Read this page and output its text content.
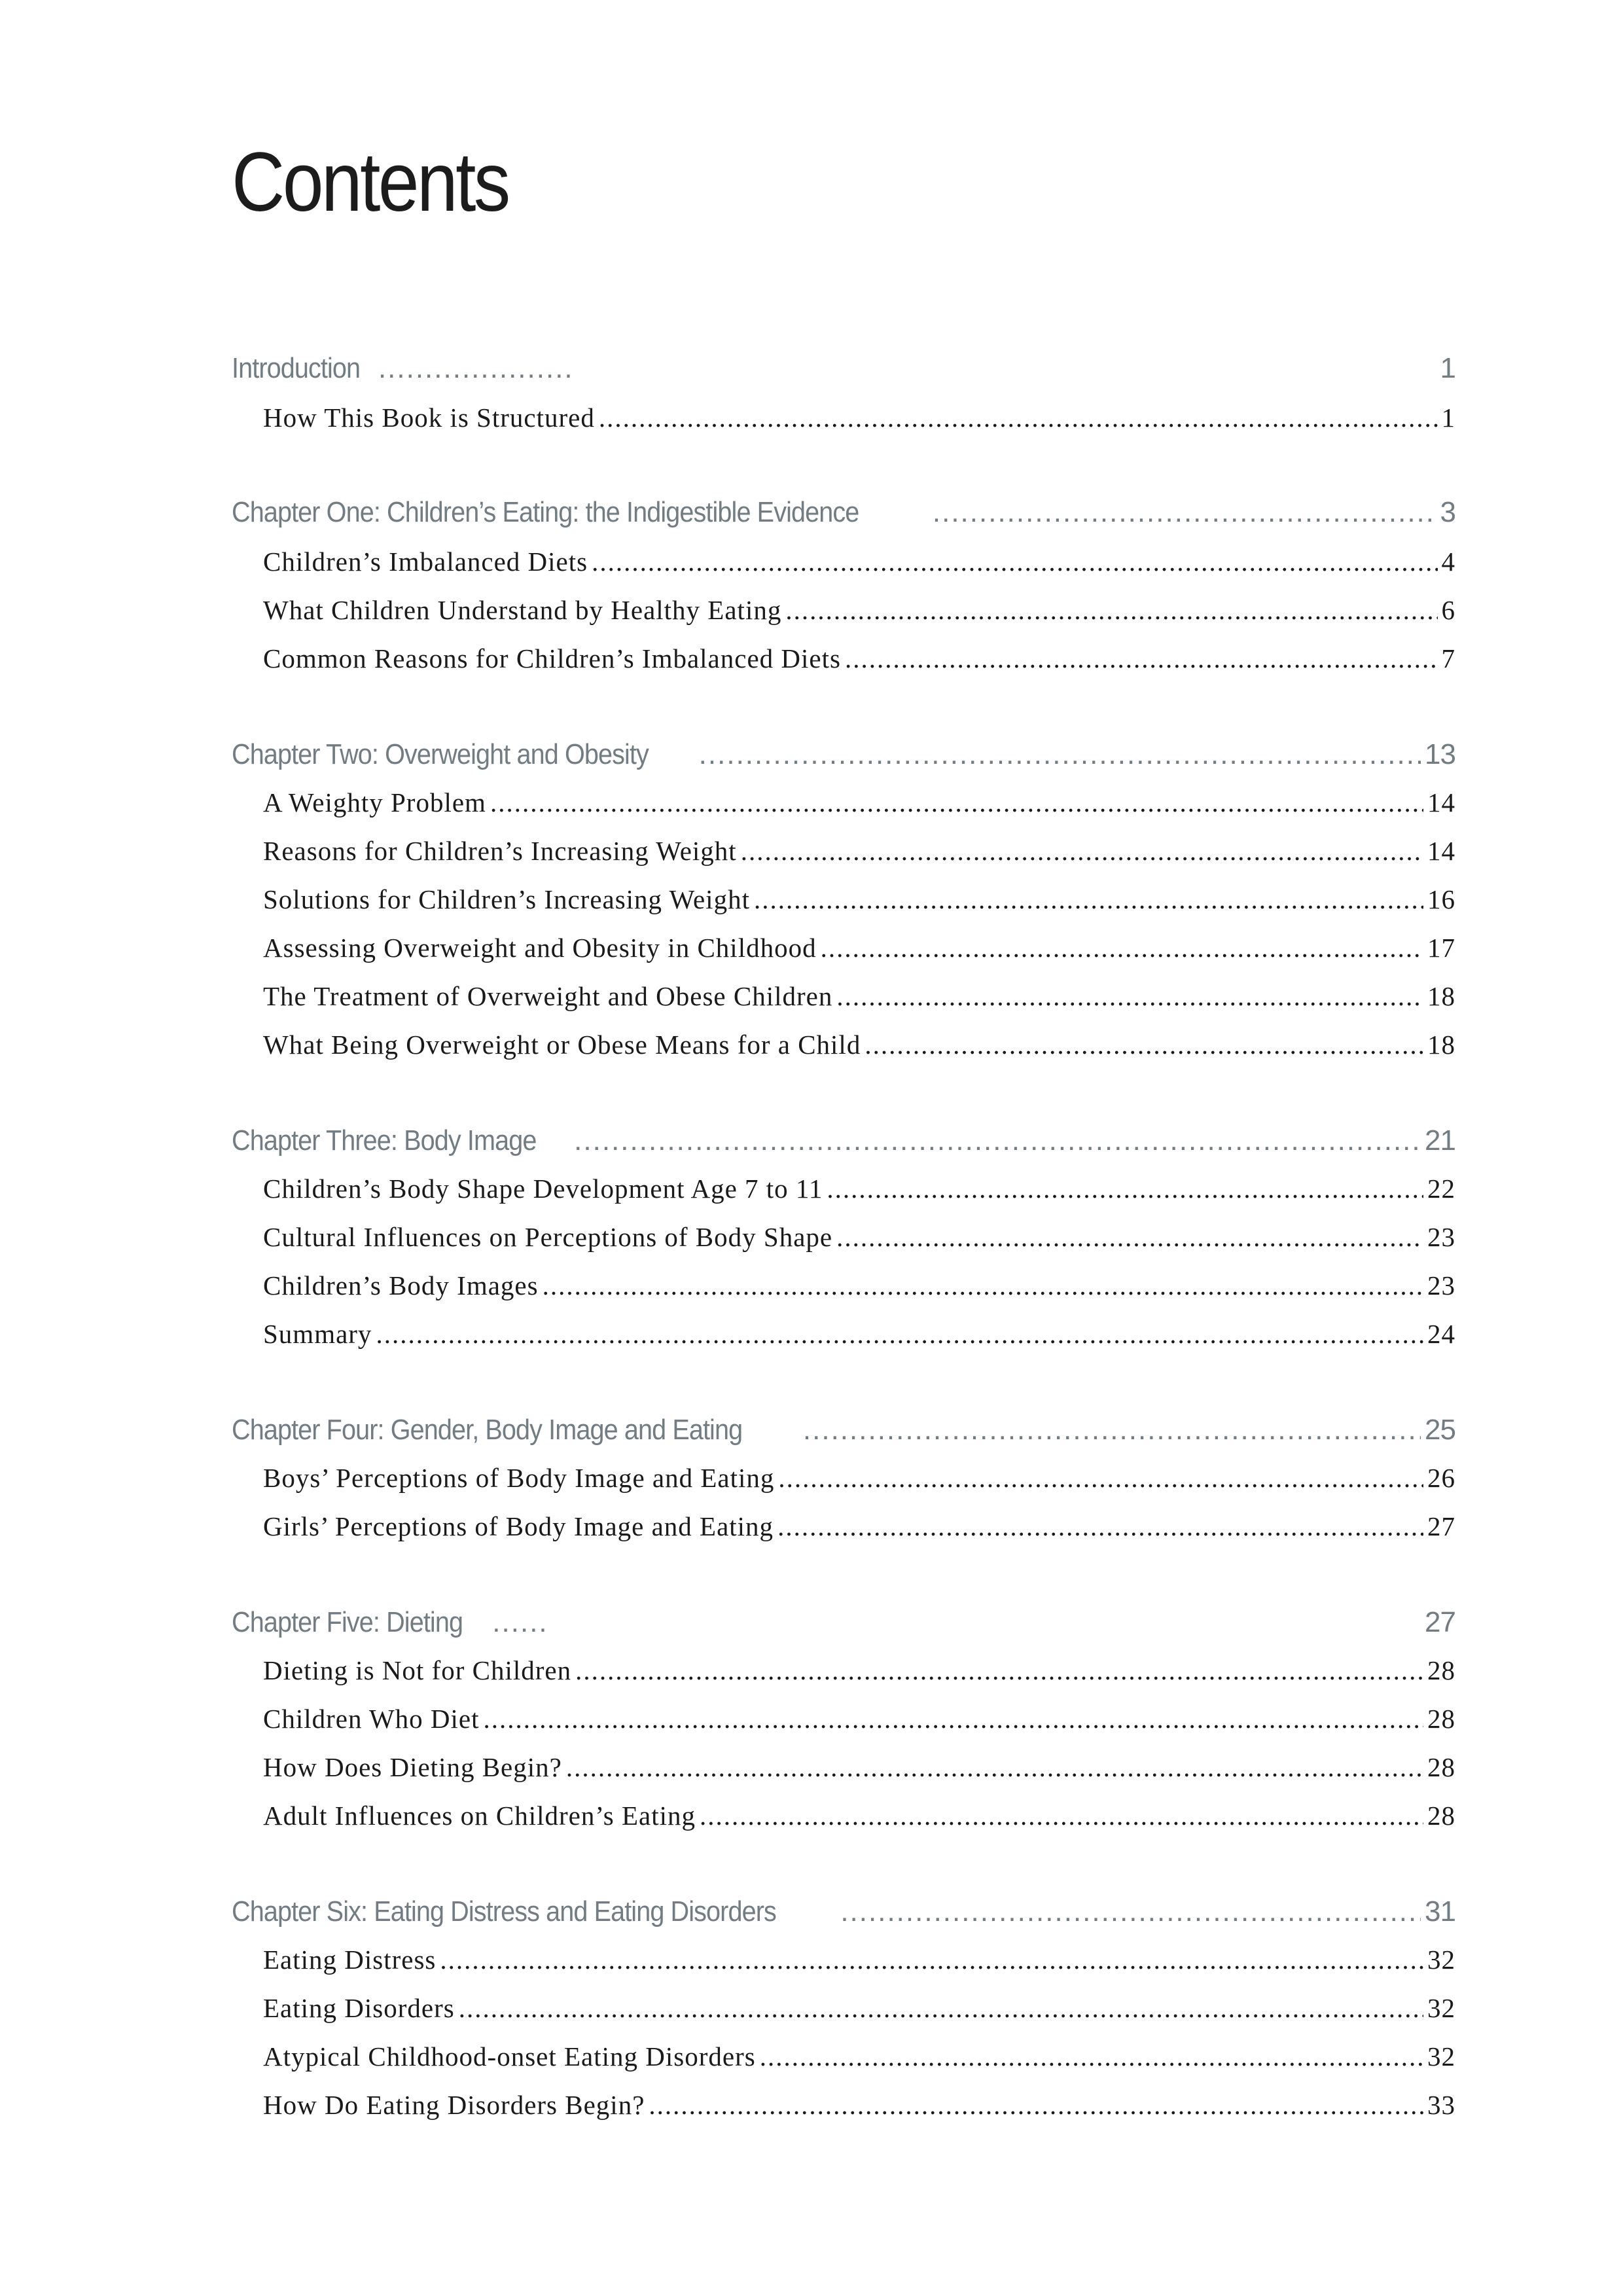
Contents
Introduction .....	1
How This Book is Structured .....	1
Chapter One: Children’s Eating: the Indigestible Evidence .....	3
Children’s Imbalanced Diets .....	4
What Children Understand by Healthy Eating .....	6
Common Reasons for Children’s Imbalanced Diets .....	7
Chapter Two: Overweight and Obesity .....	13
A Weighty Problem .....	14
Reasons for Children’s Increasing Weight .....	14
Solutions for Children’s Increasing Weight .....	16
Assessing Overweight and Obesity in Childhood .....	17
The Treatment of Overweight and Obese Children .....	18
What Being Overweight or Obese Means for a Child .....	18
Chapter Three: Body Image .....	21
Children’s Body Shape Development Age 7 to 11 .....	22
Cultural Influences on Perceptions of Body Shape .....	23
Children’s Body Images .....	23
Summary .....	24
Chapter Four: Gender, Body Image and Eating .....	25
Boys’ Perceptions of Body Image and Eating .....	26
Girls’ Perceptions of Body Image and Eating .....	27
Chapter Five: Dieting ......	27
Dieting is Not for Children .....	28
Children Who Diet .....	28
How Does Dieting Begin? .....	28
Adult Influences on Children’s Eating .....	28
Chapter Six: Eating Distress and Eating Disorders .....	31
Eating Distress .....	32
Eating Disorders .....	32
Atypical Childhood-onset Eating Disorders .....	32
How Do Eating Disorders Begin? .....	33
